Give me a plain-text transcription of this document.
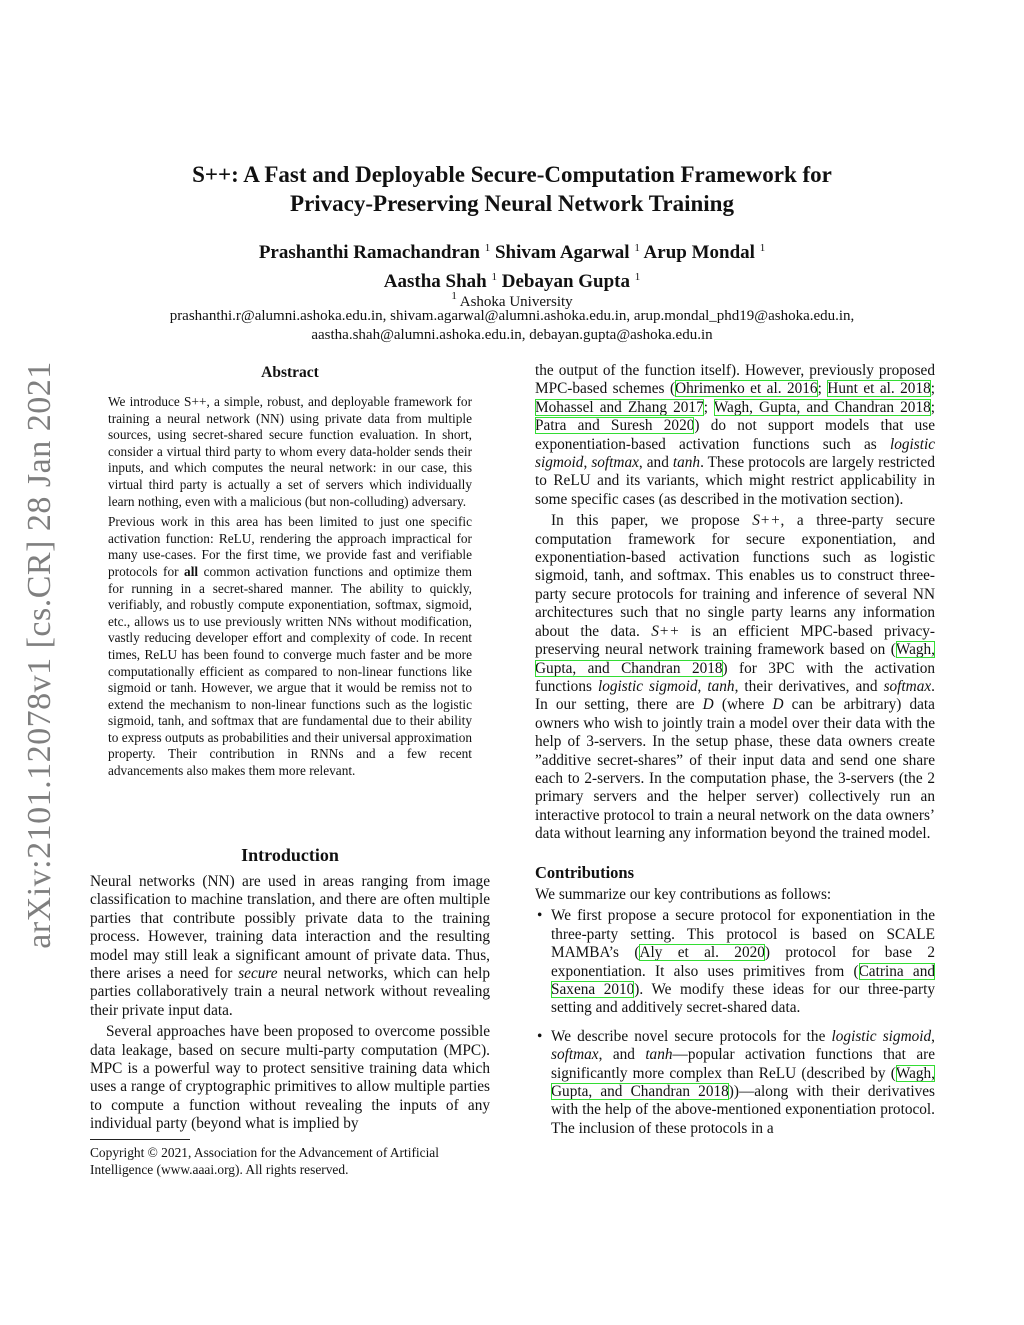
arXiv:2101.12078v1 [cs.CR] 28 Jan 2021
S++: A Fast and Deployable Secure-Computation Framework for
Privacy-Preserving Neural Network Training
Prashanthi Ramachandran $^1$ Shivam Agarwal $^1$ Arup Mondal $^1$
Aastha Shah $^1$ Debayan Gupta $^1$
$^1$ Ashoka University
prashanthi.r@alumni.ashoka.edu.in, shivam.agarwal@alumni.ashoka.edu.in, arup.mondal_phd19@ashoka.edu.in,
aastha.shah@alumni.ashoka.edu.in, debayan.gupta@ashoka.edu.in
Abstract

We introduce S++, a simple, robust, and deployable framework for training a neural network (NN) using private data from multiple sources, using secret-shared secure function evaluation. In short, consider a virtual third party to whom every data-holder sends their inputs, and which computes the neural network: in our case, this virtual third party is actually a set of servers which individually learn nothing, even with a malicious (but non-colluding) adversary.

Previous work in this area has been limited to just one specific activation function: ReLU, rendering the approach impractical for many use-cases. For the first time, we provide fast and verifiable protocols for all common activation functions and optimize them for running in a secret-shared manner. The ability to quickly, verifiably, and robustly compute exponentiation, softmax, sigmoid, etc., allows us to use previously written NNs without modification, vastly reducing developer effort and complexity of code. In recent times, ReLU has been found to converge much faster and be more computationally efficient as compared to non-linear functions like sigmoid or tanh. However, we argue that it would be remiss not to extend the mechanism to non-linear functions such as the logistic sigmoid, tanh, and softmax that are fundamental due to their ability to express outputs as probabilities and their universal approximation property. Their contribution in RNNs and a few recent advancements also makes them more relevant.

Introduction

Neural networks (NN) are used in areas ranging from image classification to machine translation, and there are often multiple parties that contribute possibly private data to the training process. However, training data interaction and the resulting model may still leak a significant amount of private data. Thus, there arises a need for secure neural networks, which can help parties collaboratively train a neural network without revealing their private input data.

Several approaches have been proposed to overcome possible data leakage, based on secure multi-party computation (MPC). MPC is a powerful way to protect sensitive training data which uses a range of cryptographic primitives to allow multiple parties to compute a function without revealing the inputs of any individual party (beyond what is implied by

Copyright © 2021, Association for the Advancement of Artificial Intelligence (www.aaai.org). All rights reserved.

the output of the function itself). However, previously proposed MPC-based schemes (Ohrimenko et al. 2016; Hunt et al. 2018; Mohassel and Zhang 2017; Wagh, Gupta, and Chandran 2018; Patra and Suresh 2020) do not support models that use exponentiation-based activation functions such as logistic sigmoid, softmax, and tanh. These protocols are largely restricted to ReLU and its variants, which might restrict applicability in some specific cases (as described in the motivation section).

In this paper, we propose S++, a three-party secure computation framework for secure exponentiation, and exponentiation-based activation functions such as logistic sigmoid, tanh, and softmax. This enables us to construct three-party secure protocols for training and inference of several NN architectures such that no single party learns any information about the data. S++ is an efficient MPC-based privacy-preserving neural network training framework based on (Wagh, Gupta, and Chandran 2018) for 3PC with the activation functions logistic sigmoid, tanh, their derivatives, and softmax. In our setting, there are D (where D can be arbitrary) data owners who wish to jointly train a model over their data with the help of 3-servers. In the setup phase, these data owners create ”additive secret-shares” of their input data and send one share each to 2-servers. In the computation phase, the 3-servers (the 2 primary servers and the helper server) collectively run an interactive protocol to train a neural network on the data owners’ data without learning any information beyond the trained model.

Contributions

We summarize our key contributions as follows:

• We first propose a secure protocol for exponentiation in the three-party setting. This protocol is based on SCALE MAMBA’s (Aly et al. 2020) protocol for base 2 exponentiation. It also uses primitives from (Catrina and Saxena 2010). We modify these ideas for our three-party setting and additively secret-shared data.
• We describe novel secure protocols for the logistic sigmoid, softmax, and tanh—popular activation functions that are significantly more complex than ReLU (described by (Wagh, Gupta, and Chandran 2018))—along with their derivatives with the help of the above-mentioned exponentiation protocol. The inclusion of these protocols in a
